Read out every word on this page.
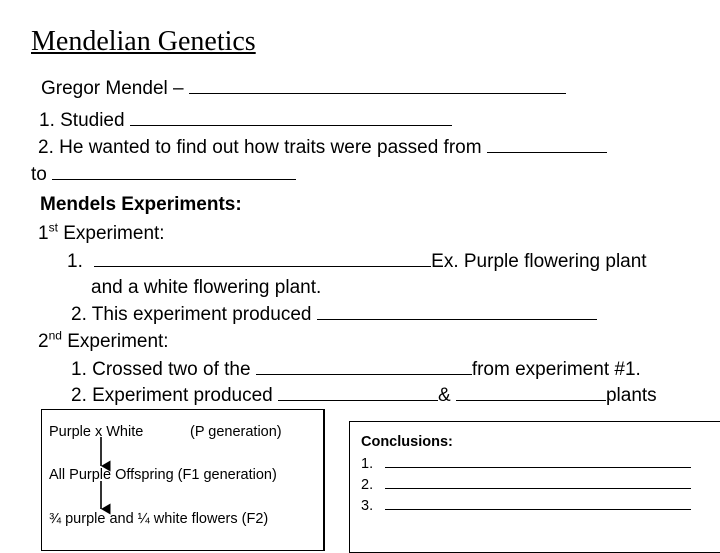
Mendelian Genetics
Gregor Mendel –
1. Studied
2. He wanted to find out how traits were passed from
to
Mendels Experiments:
1st Experiment:
1.	Ex. Purple flowering plant
and a white flowering plant.
2. This experiment produced
2nd Experiment:
1. Crossed two of the	from experiment #1.
2. Experiment produced	&	plants
Purple x White	(P generation)
All Purple Offspring (F1 generation)
¾ purple and ¼ white flowers (F2)
Conclusions:
1.
2.
3.
